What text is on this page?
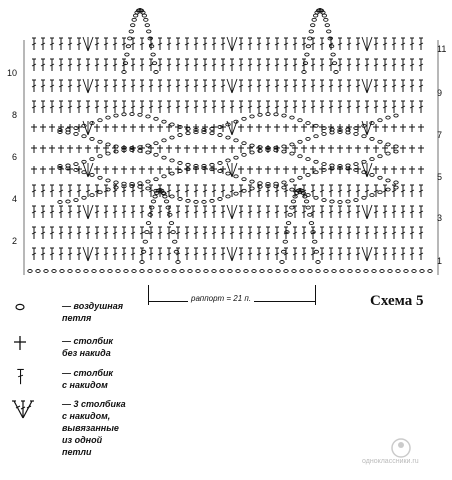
2
4
6
8
10
1
3
5
7
9
11
раппорт = 21 п.	Схема 5
— воздушная
петля
— столбик
без накида
— столбик
с накидом
— 3 столбика
с накидом,
вывязанные
из одной
петли
одноклассники.ru
